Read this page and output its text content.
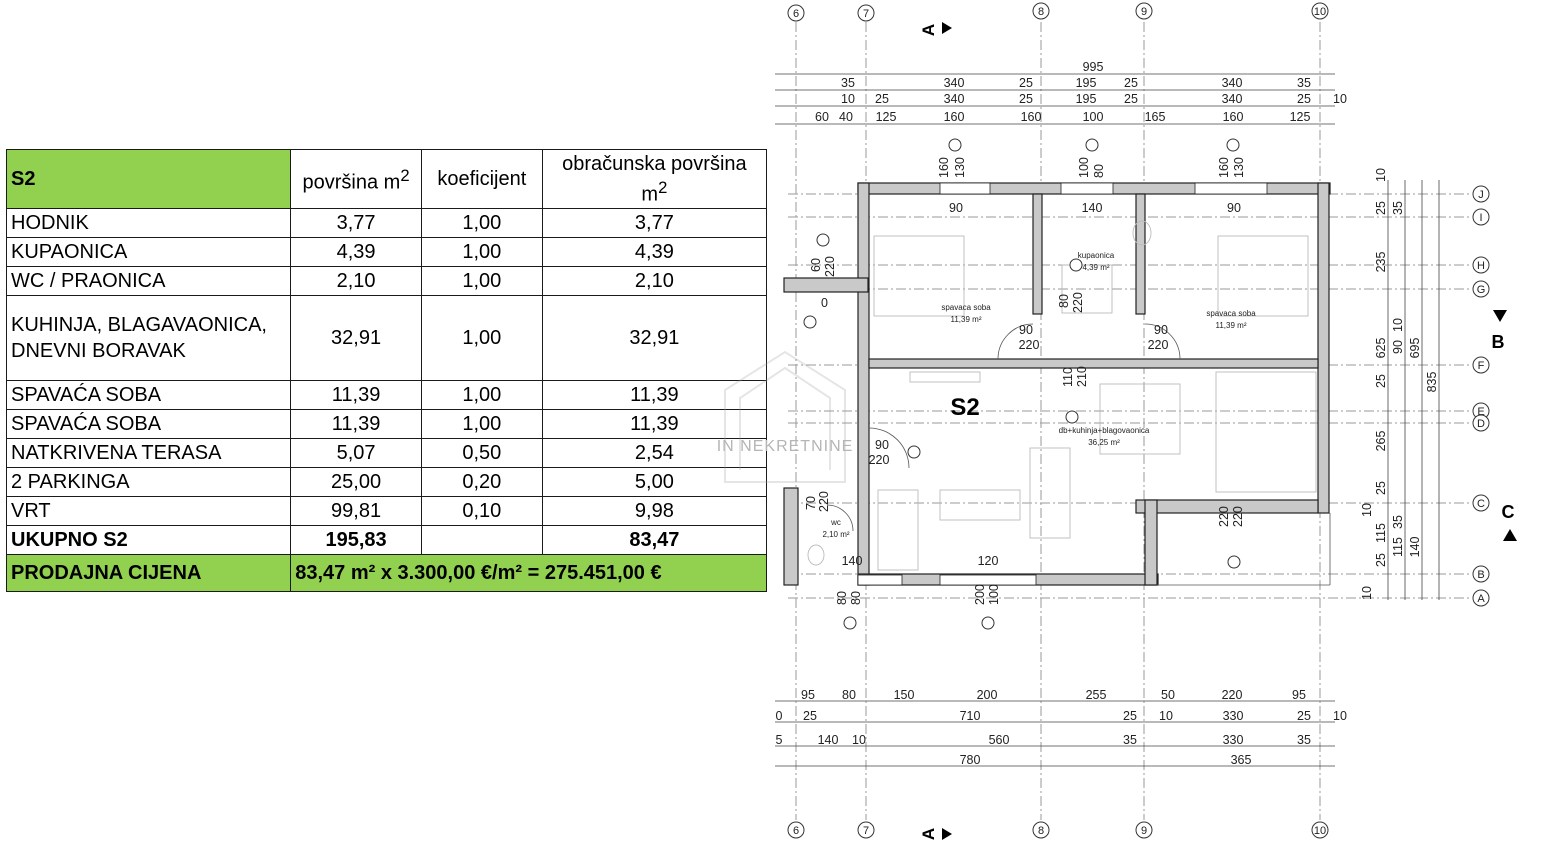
S2	površina $m^2$	koeficijent	obračunska površina
$m^2$
HODNIK	3,77	1,00	3,77
KUPAONICA	4,39	1,00	4,39
WC / PRAONICA	2,10	1,00	2,10
KUHINJA, BLAGAVAONICA, DNEVNI BORAVAK	32,91	1,00	32,91
SPAVAĆA SOBA	11,39	1,00	11,39
SPAVAĆA SOBA	11,39	1,00	11,39
NATKRIVENA TERASA	5,07	0,50	2,54
2 PARKINGA	25,00	0,20	5,00
VRT	99,81	0,10	9,98
UKUPNO S2	195,83		83,47
PRODAJNA CIJENA	83,47 m² x 3.300,00 €/m² = 275.451,00 €		
995
35	340	25	195 25	340	35
10 25	340	25	195 25	340	25 10
60 40 125	160	160	100	165	160	125
95 80	150	200	255	50	220	95
0 25	710	25 10	330	25 10
5	140 10	560	35	330	35
780	365
10
25
235
625
25
265
25
10
25
10
35
10
90
115
35
695
115 140
835
IN NEKRETNINE
S2
spavaca soba
11,39 m²
kupaonica
4,39 m²
spavaca soba
11,39 m²
db+kuhinja+blagovaonica
36,25 m²
wc
2,10 m²
160 130	100 80	160 130
90	140	90
60 220
0	80 220
90
220
90
220
110 210
90
220
70 220
220 220
140	120
80 80	200 100
6	7	8	9	10
6	7	8	9	10
J
I
H
G
F
E
D
C
B
A
A
A
B
C
